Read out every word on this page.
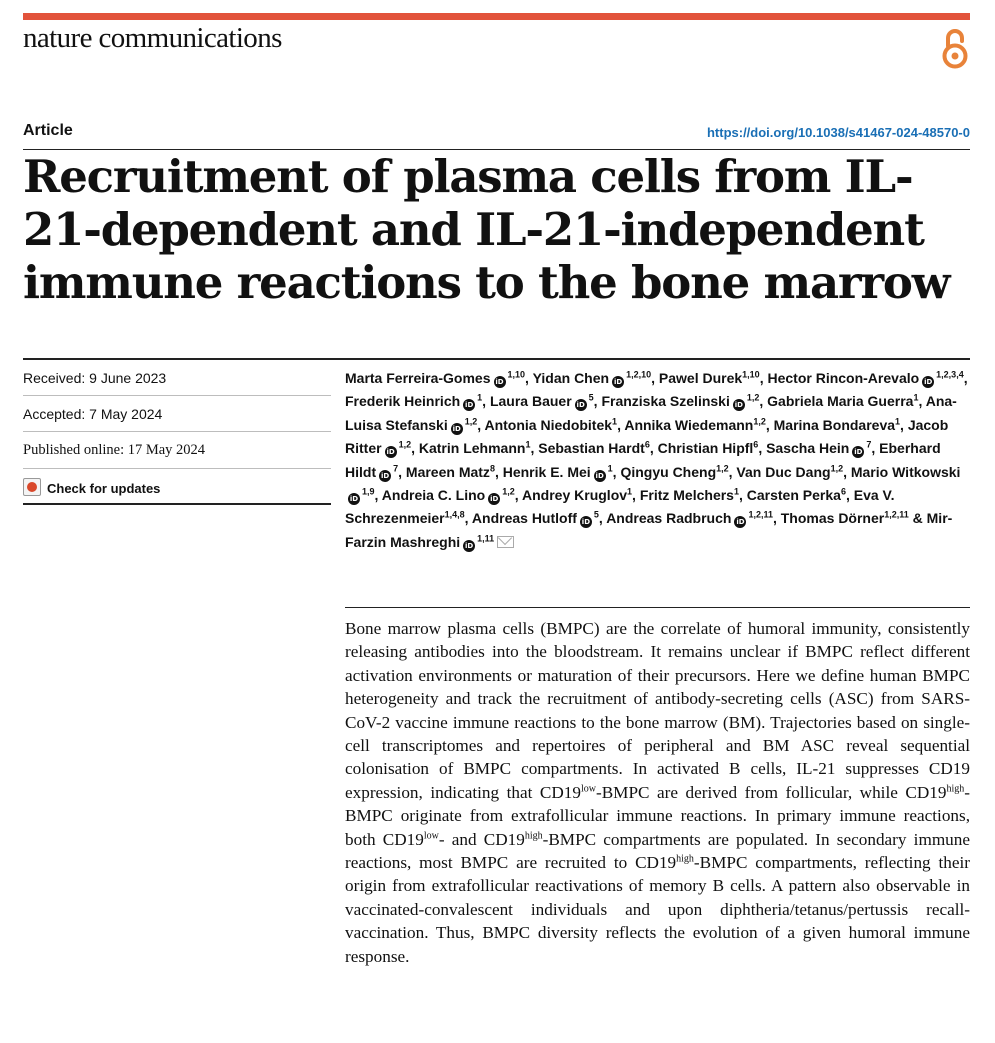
nature communications
Article	https://doi.org/10.1038/s41467-024-48570-0
Recruitment of plasma cells from IL-21-dependent and IL-21-independent immune reactions to the bone marrow
Received: 9 June 2023
Accepted: 7 May 2024
Published online: 17 May 2024
Check for updates

Marta Ferreira-Gomes iD$^{1,10}$, Yidan Chen iD$^{1,2,10}$, Pawel Durek$^{1,10}$, Hector Rincon-Arevalo iD$^{1,2,3,4}$, Frederik Heinrich $iD^1$, Laura Bauer $iD^5$, Franziska Szelinski iD$^{1,2}$, Gabriela Maria Guerra$^1$, Ana-Luisa Stefanski iD$^{1,2}$, Antonia Niedobitek$^1$, Annika Wiedemann$^{1,2}$, Marina Bondareva$^1$, Jacob Ritter iD$^{1,2}$, Katrin Lehmann$^1$, Sebastian Hardt$^6$, Christian Hipfl$^6$, Sascha Hein $iD^7$, Eberhard Hildt $iD^7$, Mareen Matz$^8$, Henrik E. Mei $iD^1$, Qingyu Cheng$^{1,2}$, Van Duc Dang$^{1,2}$, Mario WitkowskiiD$^{1,9}$, Andreia C. Lino iD$^{1,2}$, Andrey Kruglov$^1$, Fritz Melchers$^1$, Carsten Perka$^6$, Eva V. Schrezenmeier$^{1,4,8}$, Andreas Hutloff $iD^5$, Andreas Radbruch iD$^{1,2,11}$, Thomas Dörner$^{1,2,11}$ & Mir-Farzin Mashreghi iD$^{1,11}$

Bone marrow plasma cells (BMPC) are the correlate of humoral immunity, consistently releasing antibodies into the bloodstream. It remains unclear if BMPC reflect different activation environments or maturation of their precursors. Here we define human BMPC heterogeneity and track the recruitment of antibody-secreting cells (ASC) from SARS-CoV-2 vaccine immune reactions to the bone marrow (BM). Trajectories based on single-cell transcriptomes and repertoires of peripheral and BM ASC reveal sequential colonisation of BMPC compartments. In activated B cells, IL-21 suppresses CD19 expression, indicating that $CD19^{low}$-BMPC are derived from follicular, while $CD19^{high}$-BMPC originate from extrafollicular immune reactions. In primary immune reactions, both $CD19^{low}-$ and $CD19^{high}$-BMPC compartments are populated. In secondary immune reactions, most BMPC are recruited to $CD19^{high}$-BMPC compartments, reflecting their origin from extrafollicular reactivations of memory B cells. A pattern also observable in vaccinated-convalescent individuals and upon diphtheria/tetanus/pertussis recall-vaccination. Thus, BMPC diversity reflects the evolution of a given humoral immune response.
